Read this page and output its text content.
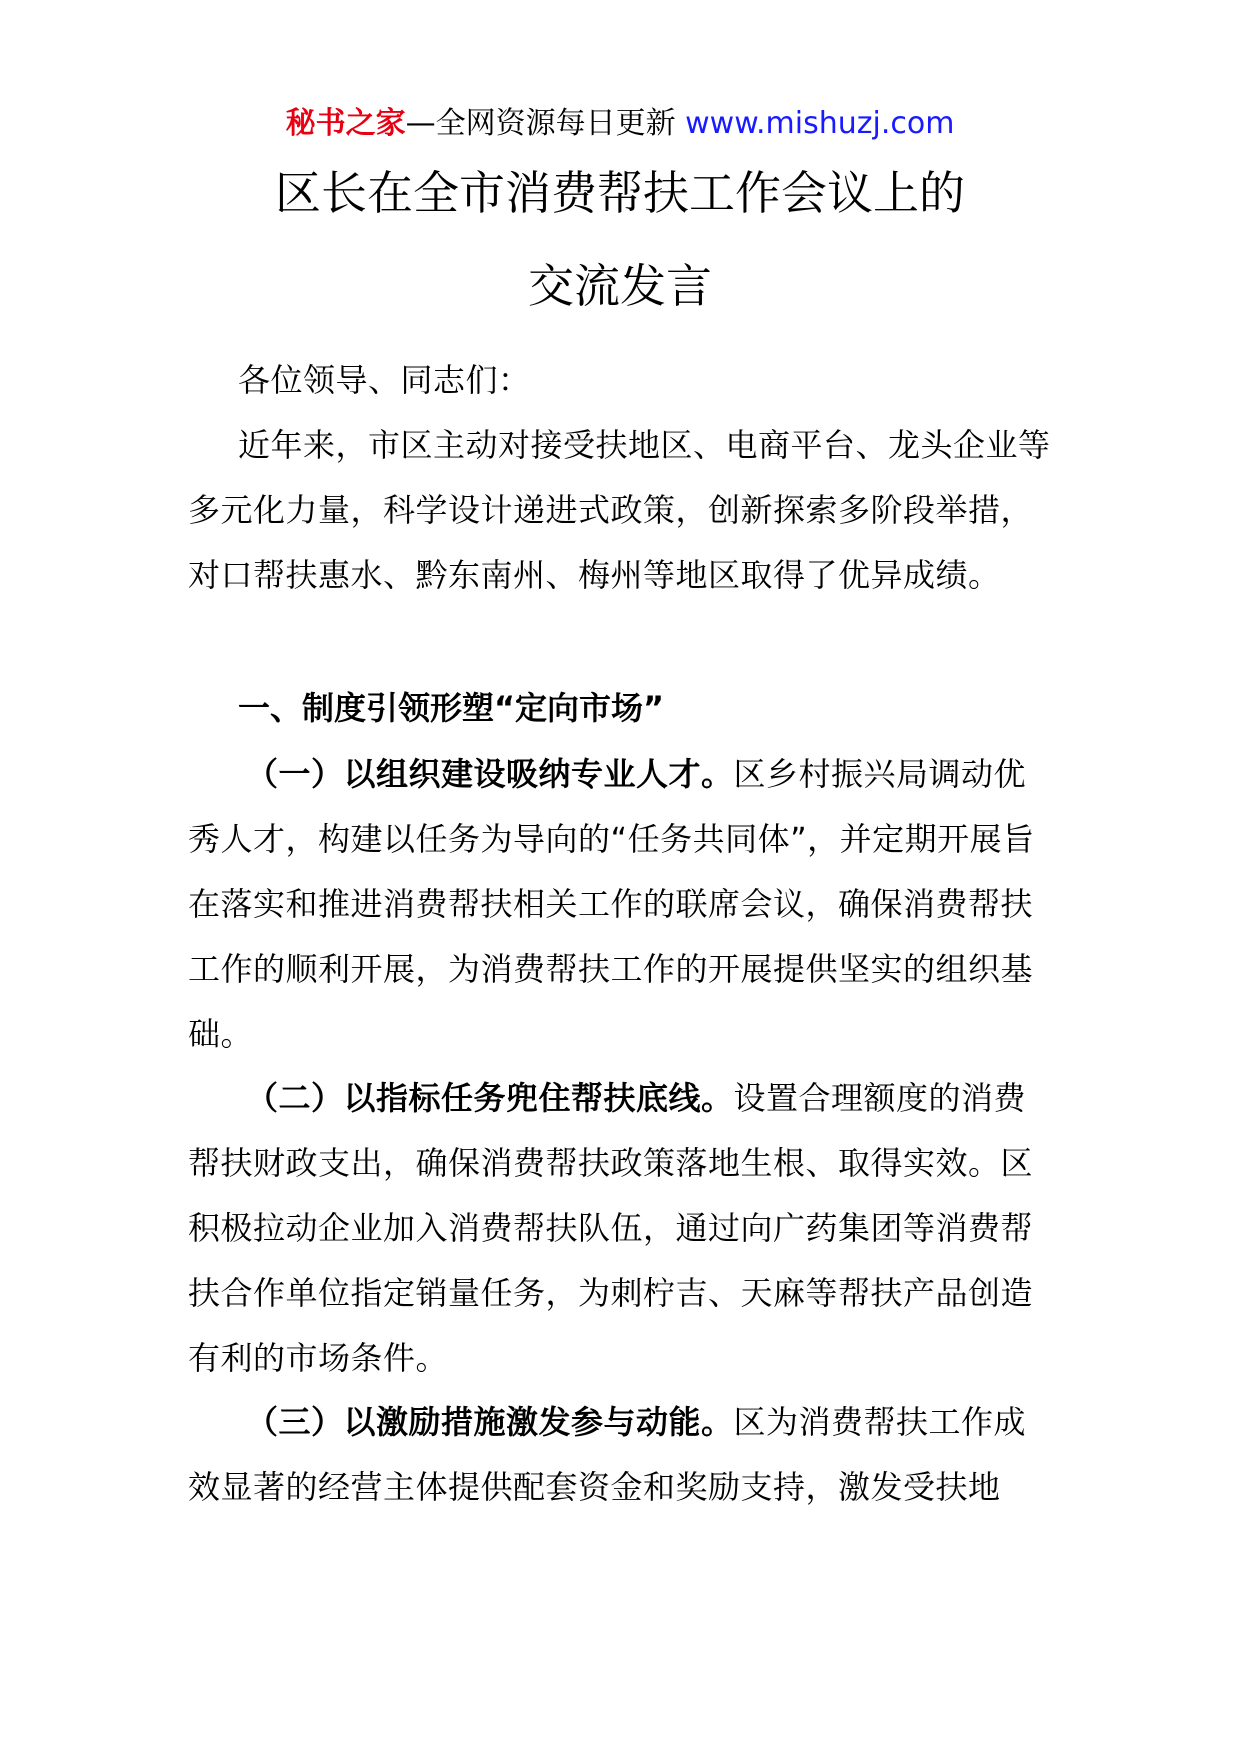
秘书之家—全网资源每日更新 www.mishuzj.com
区长在全市消费帮扶工作会议上的
交流发言
各位领导、同志们：
近年来，市区主动对接受扶地区、电商平台、龙头企业等多元化力量，科学设计递进式政策，创新探索多阶段举措，对口帮扶惠水、黔东南州、梅州等地区取得了优异成绩。
一、制度引领形塑“定向市场”
（一）以组织建设吸纳专业人才。区乡村振兴局调动优秀人才，构建以任务为导向的“任务共同体”，并定期开展旨在落实和推进消费帮扶相关工作的联席会议，确保消费帮扶工作的顺利开展，为消费帮扶工作的开展提供坚实的组织基础。
（二）以指标任务兜住帮扶底线。设置合理额度的消费帮扶财政支出，确保消费帮扶政策落地生根、取得实效。区积极拉动企业加入消费帮扶队伍，通过向广药集团等消费帮扶合作单位指定销量任务，为刺柠吉、天麻等帮扶产品创造有利的市场条件。
（三）以激励措施激发参与动能。区为消费帮扶工作成效显著的经营主体提供配套资金和奖励支持，激发受扶地
